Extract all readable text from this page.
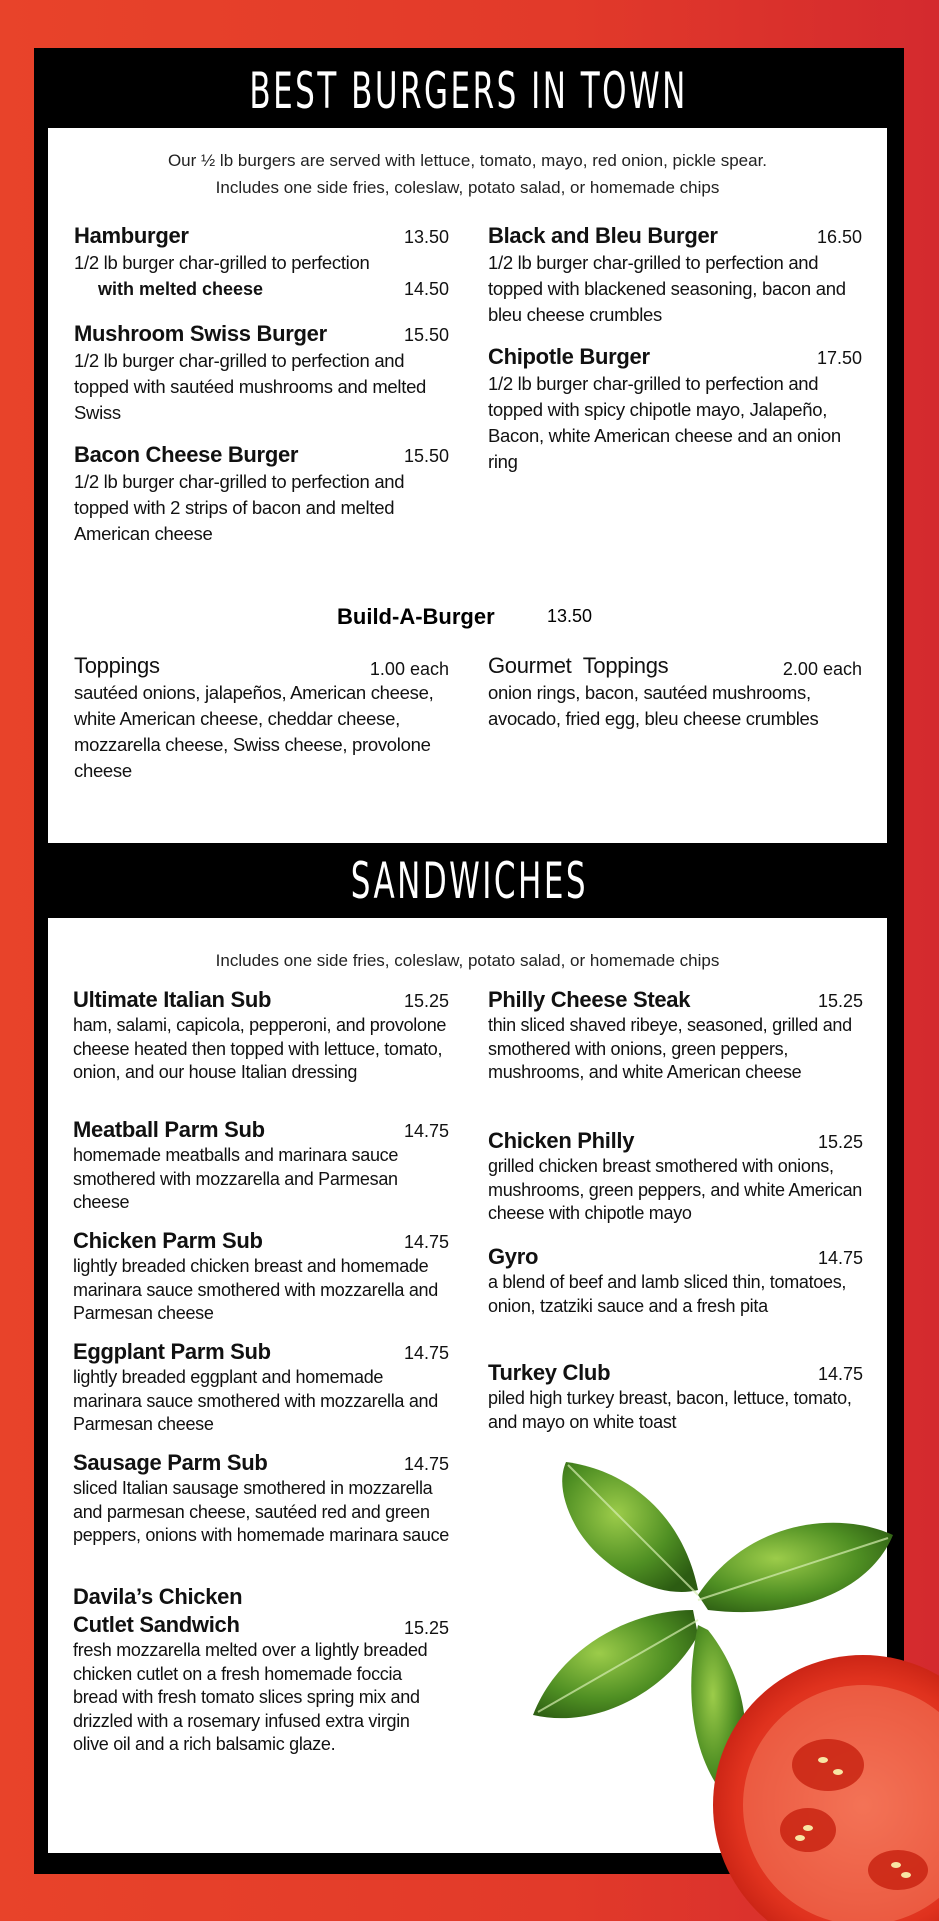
BEST BURGERS IN TOWN
SANDWICHES
Our ½ lb burgers are served with lettuce, tomato, mayo, red onion, pickle spear.
Includes one side fries, coleslaw, potato salad, or homemade chips
Hamburger	13.50
1/2 lb burger char-grilled to perfection
with melted cheese	14.50
Mushroom Swiss Burger	15.50
1/2 lb burger char-grilled to perfection and topped with sautéed mushrooms and melted Swiss
Bacon Cheese Burger	15.50
1/2 lb burger char-grilled to perfection and topped with 2 strips of bacon and melted American cheese
Black and Bleu Burger	16.50
1/2 lb burger char-grilled to perfection and topped with blackened seasoning, bacon and bleu cheese crumbles
Chipotle Burger	17.50
1/2 lb burger char-grilled to perfection and topped with spicy chipotle mayo, Jalapeño, Bacon, white American cheese and an onion ring
Build-A-Burger	13.50
Toppings	1.00 each
sautéed onions, jalapeños, American cheese, white American cheese, cheddar cheese, mozzarella cheese, Swiss cheese, provolone cheese
Gourmet  Toppings	2.00 each
onion rings, bacon, sautéed mushrooms, avocado, fried egg, bleu cheese crumbles
Includes one side fries, coleslaw, potato salad, or homemade chips
Ultimate Italian Sub	15.25
ham, salami, capicola, pepperoni, and provolone cheese heated then topped with lettuce, tomato, onion, and our house Italian dressing
Meatball Parm Sub	14.75
homemade meatballs and marinara sauce smothered with mozzarella and Parmesan cheese
Chicken Parm Sub	14.75
lightly breaded chicken breast and homemade marinara sauce smothered with mozzarella and Parmesan cheese
Eggplant Parm Sub	14.75
lightly breaded eggplant and homemade marinara sauce smothered with mozzarella and Parmesan cheese
Sausage Parm Sub	14.75
sliced Italian sausage smothered in mozzarella and parmesan cheese, sautéed red and green peppers, onions with homemade marinara sauce
Davila’s Chicken Cutlet Sandwich	15.25
fresh mozzarella melted over a lightly breaded chicken cutlet on a fresh homemade foccia bread with fresh tomato slices spring mix and drizzled with a rosemary infused extra virgin olive oil and a rich balsamic glaze.
Philly Cheese Steak	15.25
thin sliced shaved ribeye, seasoned, grilled and smothered with onions, green peppers, mushrooms, and white American cheese
Chicken Philly	15.25
grilled chicken breast smothered with onions, mushrooms, green peppers, and white American cheese with chipotle mayo
Gyro	14.75
a blend of beef and lamb sliced thin, tomatoes, onion, tzatziki sauce and a fresh pita
Turkey Club	14.75
piled high turkey breast, bacon, lettuce, tomato, and mayo on white toast
